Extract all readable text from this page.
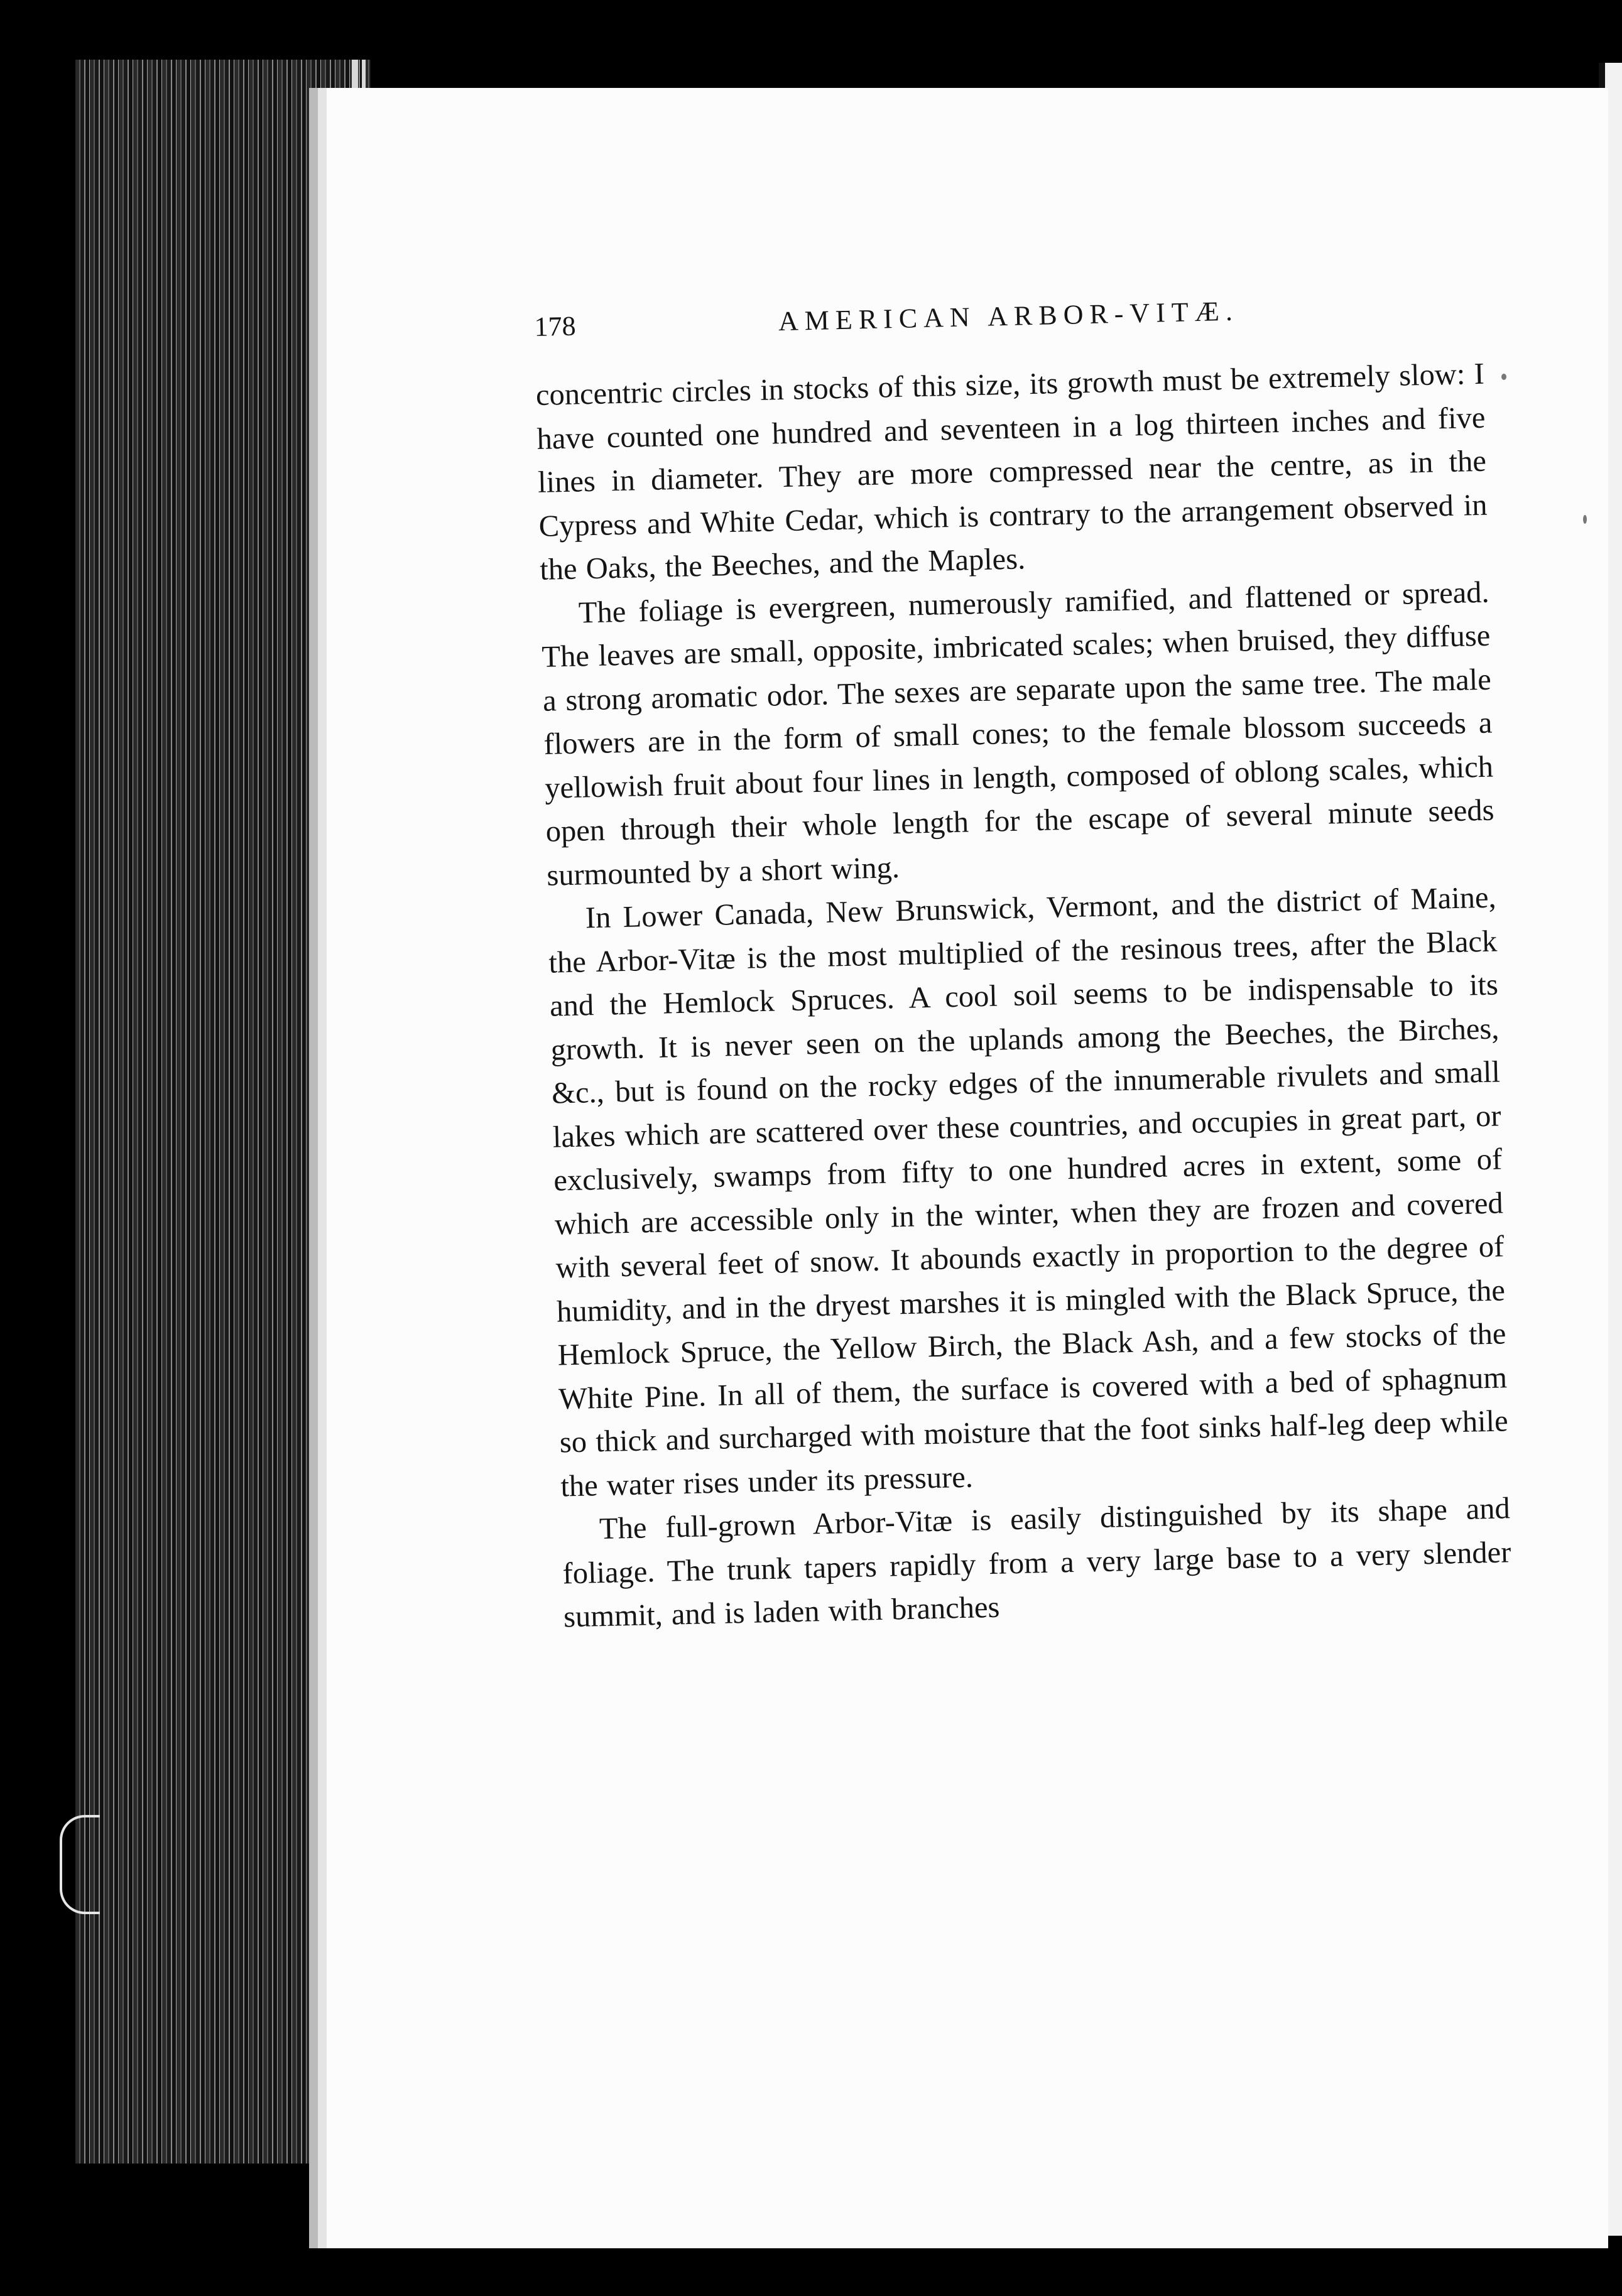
178	AMERICAN ARBOR-VITÆ.

concentric circles in stocks of this size, its growth must be extremely slow: I have counted one hundred and seventeen in a log thirteen inches and five lines in diameter. They are more compressed near the centre, as in the Cypress and White Cedar, which is contrary to the arrangement observed in the Oaks, the Beeches, and the Maples.

The foliage is evergreen, numerously ramified, and flattened or spread. The leaves are small, opposite, imbricated scales; when bruised, they diffuse a strong aromatic odor. The sexes are separate upon the same tree. The male flowers are in the form of small cones; to the female blossom succeeds a yellowish fruit about four lines in length, composed of oblong scales, which open through their whole length for the escape of several minute seeds surmounted by a short wing.

In Lower Canada, New Brunswick, Vermont, and the district of Maine, the Arbor-Vitæ is the most multiplied of the resinous trees, after the Black and the Hemlock Spruces. A cool soil seems to be indispensable to its growth. It is never seen on the uplands among the Beeches, the Birches, &c., but is found on the rocky edges of the innumerable rivulets and small lakes which are scattered over these countries, and occupies in great part, or exclusively, swamps from fifty to one hundred acres in extent, some of which are accessible only in the winter, when they are frozen and covered with several feet of snow. It abounds exactly in proportion to the degree of humidity, and in the dryest marshes it is mingled with the Black Spruce, the Hemlock Spruce, the Yellow Birch, the Black Ash, and a few stocks of the White Pine. In all of them, the surface is covered with a bed of sphagnum so thick and surcharged with moisture that the foot sinks half-leg deep while the water rises under its pressure.

The full-grown Arbor-Vitæ is easily distinguished by its shape and foliage. The trunk tapers rapidly from a very large base to a very slender summit, and is laden with branches
